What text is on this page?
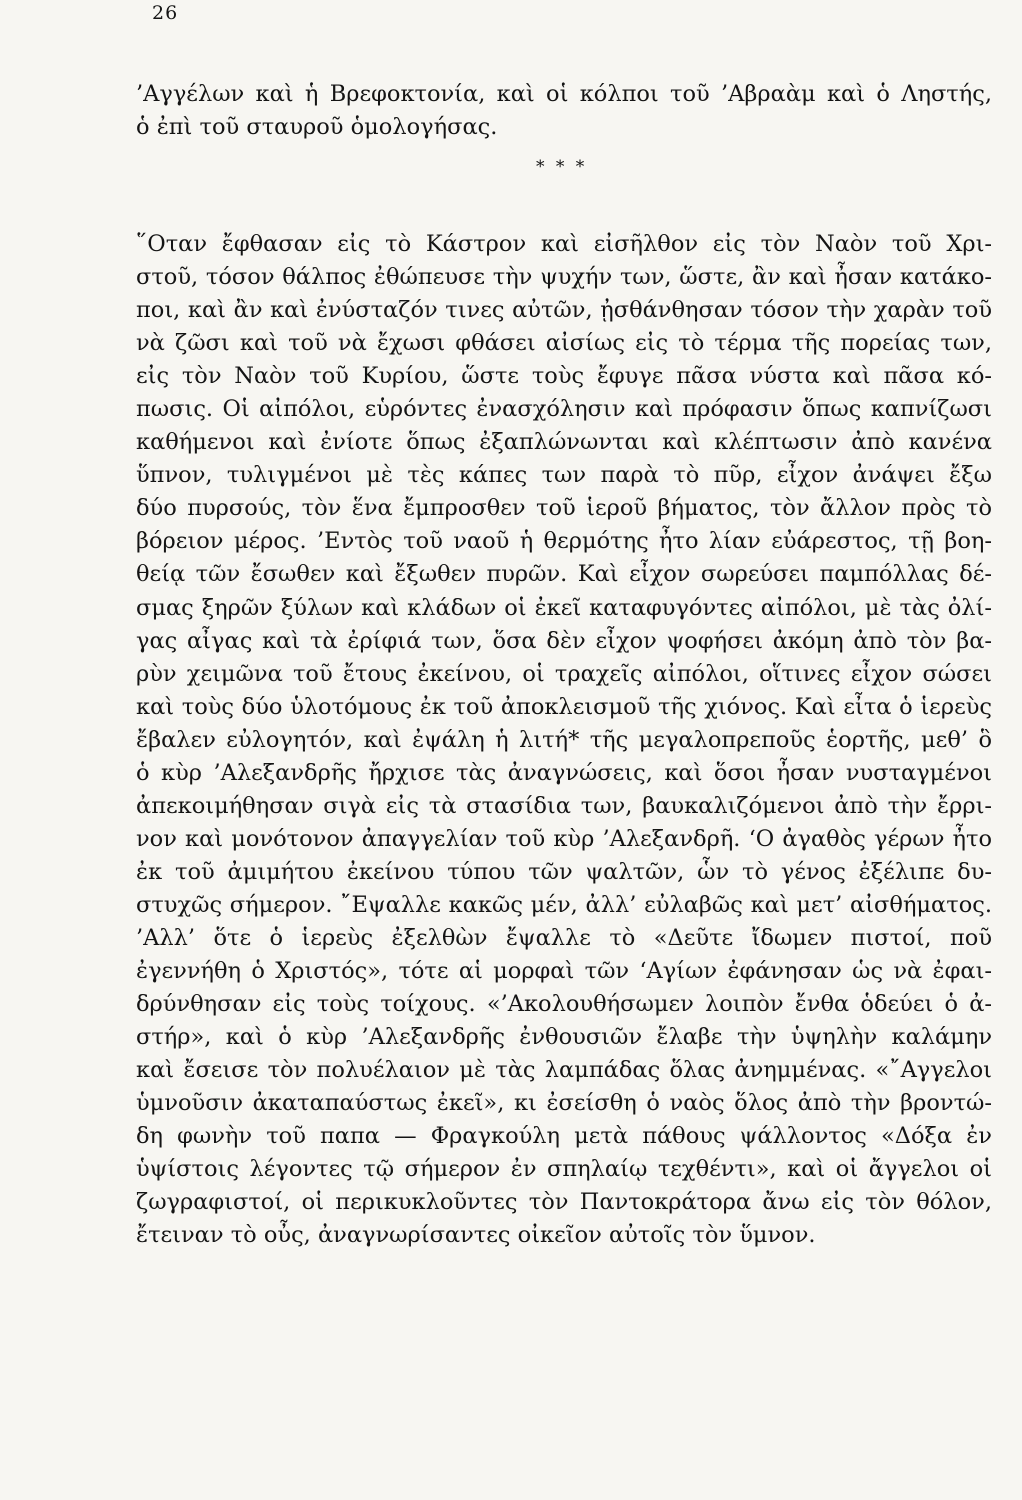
26
’Αγγέλων καὶ ἡ Βρεφοκτονία, καὶ οἱ κόλποι τοῦ ’Αβραὰμ καὶ ὁ Ληστής,
ὁ ἐπὶ τοῦ σταυροῦ ὁμολογήσας.
* * *
῞Οταν ἔφθασαν εἰς τὸ Κάστρον καὶ εἰσῆλθον εἰς τὸν Ναὸν τοῦ Χρι-
στοῦ, τόσον θάλπος ἐθώπευσε τὴν ψυχήν των, ὥστε, ἂν καὶ ἦσαν κατάκο-
ποι, καὶ ἂν καὶ ἐνύσταζόν τινες αὐτῶν, ᾐσθάνθησαν τόσον τὴν χαρὰν τοῦ
νὰ ζῶσι καὶ τοῦ νὰ ἔχωσι φθάσει αἰσίως εἰς τὸ τέρμα τῆς πορείας των,
εἰς τὸν Ναὸν τοῦ Κυρίου, ὥστε τοὺς ἔφυγε πᾶσα νύστα καὶ πᾶσα κό-
πωσις. Οἱ αἰπόλοι, εὑρόντες ἐνασχόλησιν καὶ πρόφασιν ὅπως καπνίζωσι
καθήμενοι καὶ ἐνίοτε ὅπως ἐξαπλώνωνται καὶ κλέπτωσιν ἀπὸ κανένα
ὕπνον, τυλιγμένοι μὲ τὲς κάπες των παρὰ τὸ πῦρ, εἶχον ἀνάψει ἔξω
δύο πυρσούς, τὸν ἕνα ἔμπροσθεν τοῦ ἱεροῦ βήματος, τὸν ἄλλον πρὸς τὸ
βόρειον μέρος. ’Εντὸς τοῦ ναοῦ ἡ θερμότης ἦτο λίαν εὐάρεστος, τῇ βοη-
θείᾳ τῶν ἔσωθεν καὶ ἔξωθεν πυρῶν. Καὶ εἶχον σωρεύσει παμπόλλας δέ-
σμας ξηρῶν ξύλων καὶ κλάδων οἱ ἐκεῖ καταφυγόντες αἰπόλοι, μὲ τὰς ὀλί-
γας αἶγας καὶ τὰ ἐρίφιά των, ὅσα δὲν εἶχον ψοφήσει ἀκόμη ἀπὸ τὸν βα-
ρὺν χειμῶνα τοῦ ἔτους ἐκείνου, οἱ τραχεῖς αἰπόλοι, οἵτινες εἶχον σώσει
καὶ τοὺς δύο ὑλοτόμους ἐκ τοῦ ἀποκλεισμοῦ τῆς χιόνος. Καὶ εἶτα ὁ ἱερεὺς
ἔβαλεν εὐλογητόν, καὶ ἐψάλη ἡ λιτή* τῆς μεγαλοπρεποῦς ἑορτῆς, μεθ’ ὃ
ὁ κὺρ ’Αλεξανδρῆς ἤρχισε τὰς ἀναγνώσεις, καὶ ὅσοι ἦσαν νυσταγμένοι
ἀπεκοιμήθησαν σιγὰ εἰς τὰ στασίδια των, βαυκαλιζόμενοι ἀπὸ τὴν ἔρρι-
νον καὶ μονότονον ἀπαγγελίαν τοῦ κὺρ ’Αλεξανδρῆ. ‘Ο ἀγαθὸς γέρων ἦτο
ἐκ τοῦ ἀμιμήτου ἐκείνου τύπου τῶν ψαλτῶν, ὧν τὸ γένος ἐξέλιπε δυ-
στυχῶς σήμερον. ῎Εψαλλε κακῶς μέν, ἀλλ’ εὐλαβῶς καὶ μετ’ αἰσθήματος.
’Αλλ’ ὅτε ὁ ἱερεὺς ἐξελθὼν ἔψαλλε τὸ «Δεῦτε ἴδωμεν πιστοί, ποῦ
ἐγεννήθη ὁ Χριστός», τότε αἱ μορφαὶ τῶν ‘Αγίων ἐφάνησαν ὡς νὰ ἐφαι-
δρύνθησαν εἰς τοὺς τοίχους. «’Ακολουθήσωμεν λοιπὸν ἔνθα ὁδεύει ὁ ἀ-
στήρ», καὶ ὁ κὺρ ’Αλεξανδρῆς ἐνθουσιῶν ἔλαβε τὴν ὑψηλὴν καλάμην
καὶ ἔσεισε τὸν πολυέλαιον μὲ τὰς λαμπάδας ὅλας ἀνημμένας. «῎Αγγελοι
ὑμνοῦσιν ἀκαταπαύστως ἐκεῖ», κι ἐσείσθη ὁ ναὸς ὅλος ἀπὸ τὴν βροντώ-
δη φωνὴν τοῦ παπα — Φραγκούλη μετὰ πάθους ψάλλοντος «Δόξα ἐν
ὑψίστοις λέγοντες τῷ σήμερον ἐν σπηλαίῳ τεχθέντι», καὶ οἱ ἄγγελοι οἱ
ζωγραφιστοί, οἱ περικυκλοῦντες τὸν Παντοκράτορα ἄνω εἰς τὸν θόλον,
ἔτειναν τὸ οὖς, ἀναγνωρίσαντες οἰκεῖον αὐτοῖς τὸν ὕμνον.
